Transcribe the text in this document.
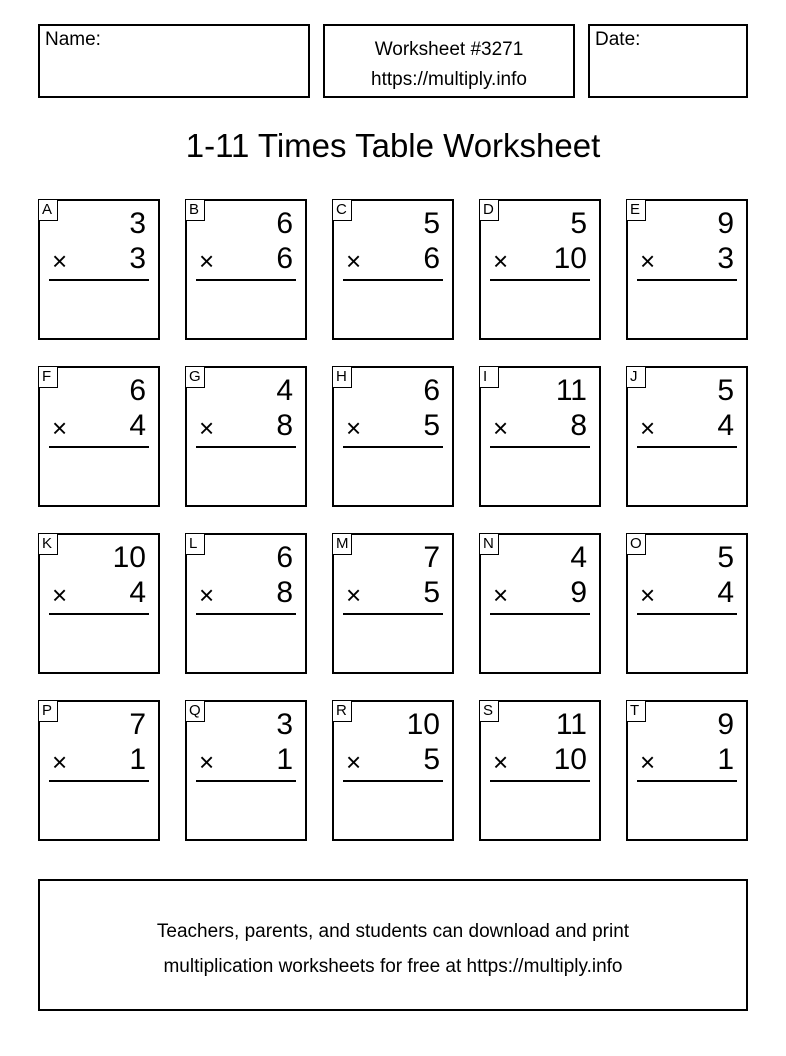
Name:	Worksheet #3271
https://multiply.info
Date:
1-11 Times Table Worksheet
A	3
× 3
B	6
× 6
C	5
× 6
D	5
× 10
E	9
× 3
F	6
× 4
G	4
× 8
H	6
× 5
I	11
× 8
J	5
× 4
K 10
× 4
L	6
× 8
M 7
× 5
N	4
× 9
O	5
× 4
P	7
× 1
Q	3
× 1
R 10
× 5
S 11
× 10
T	9
× 1
Teachers, parents, and students can download and print
multiplication worksheets for free at https://multiply.info
